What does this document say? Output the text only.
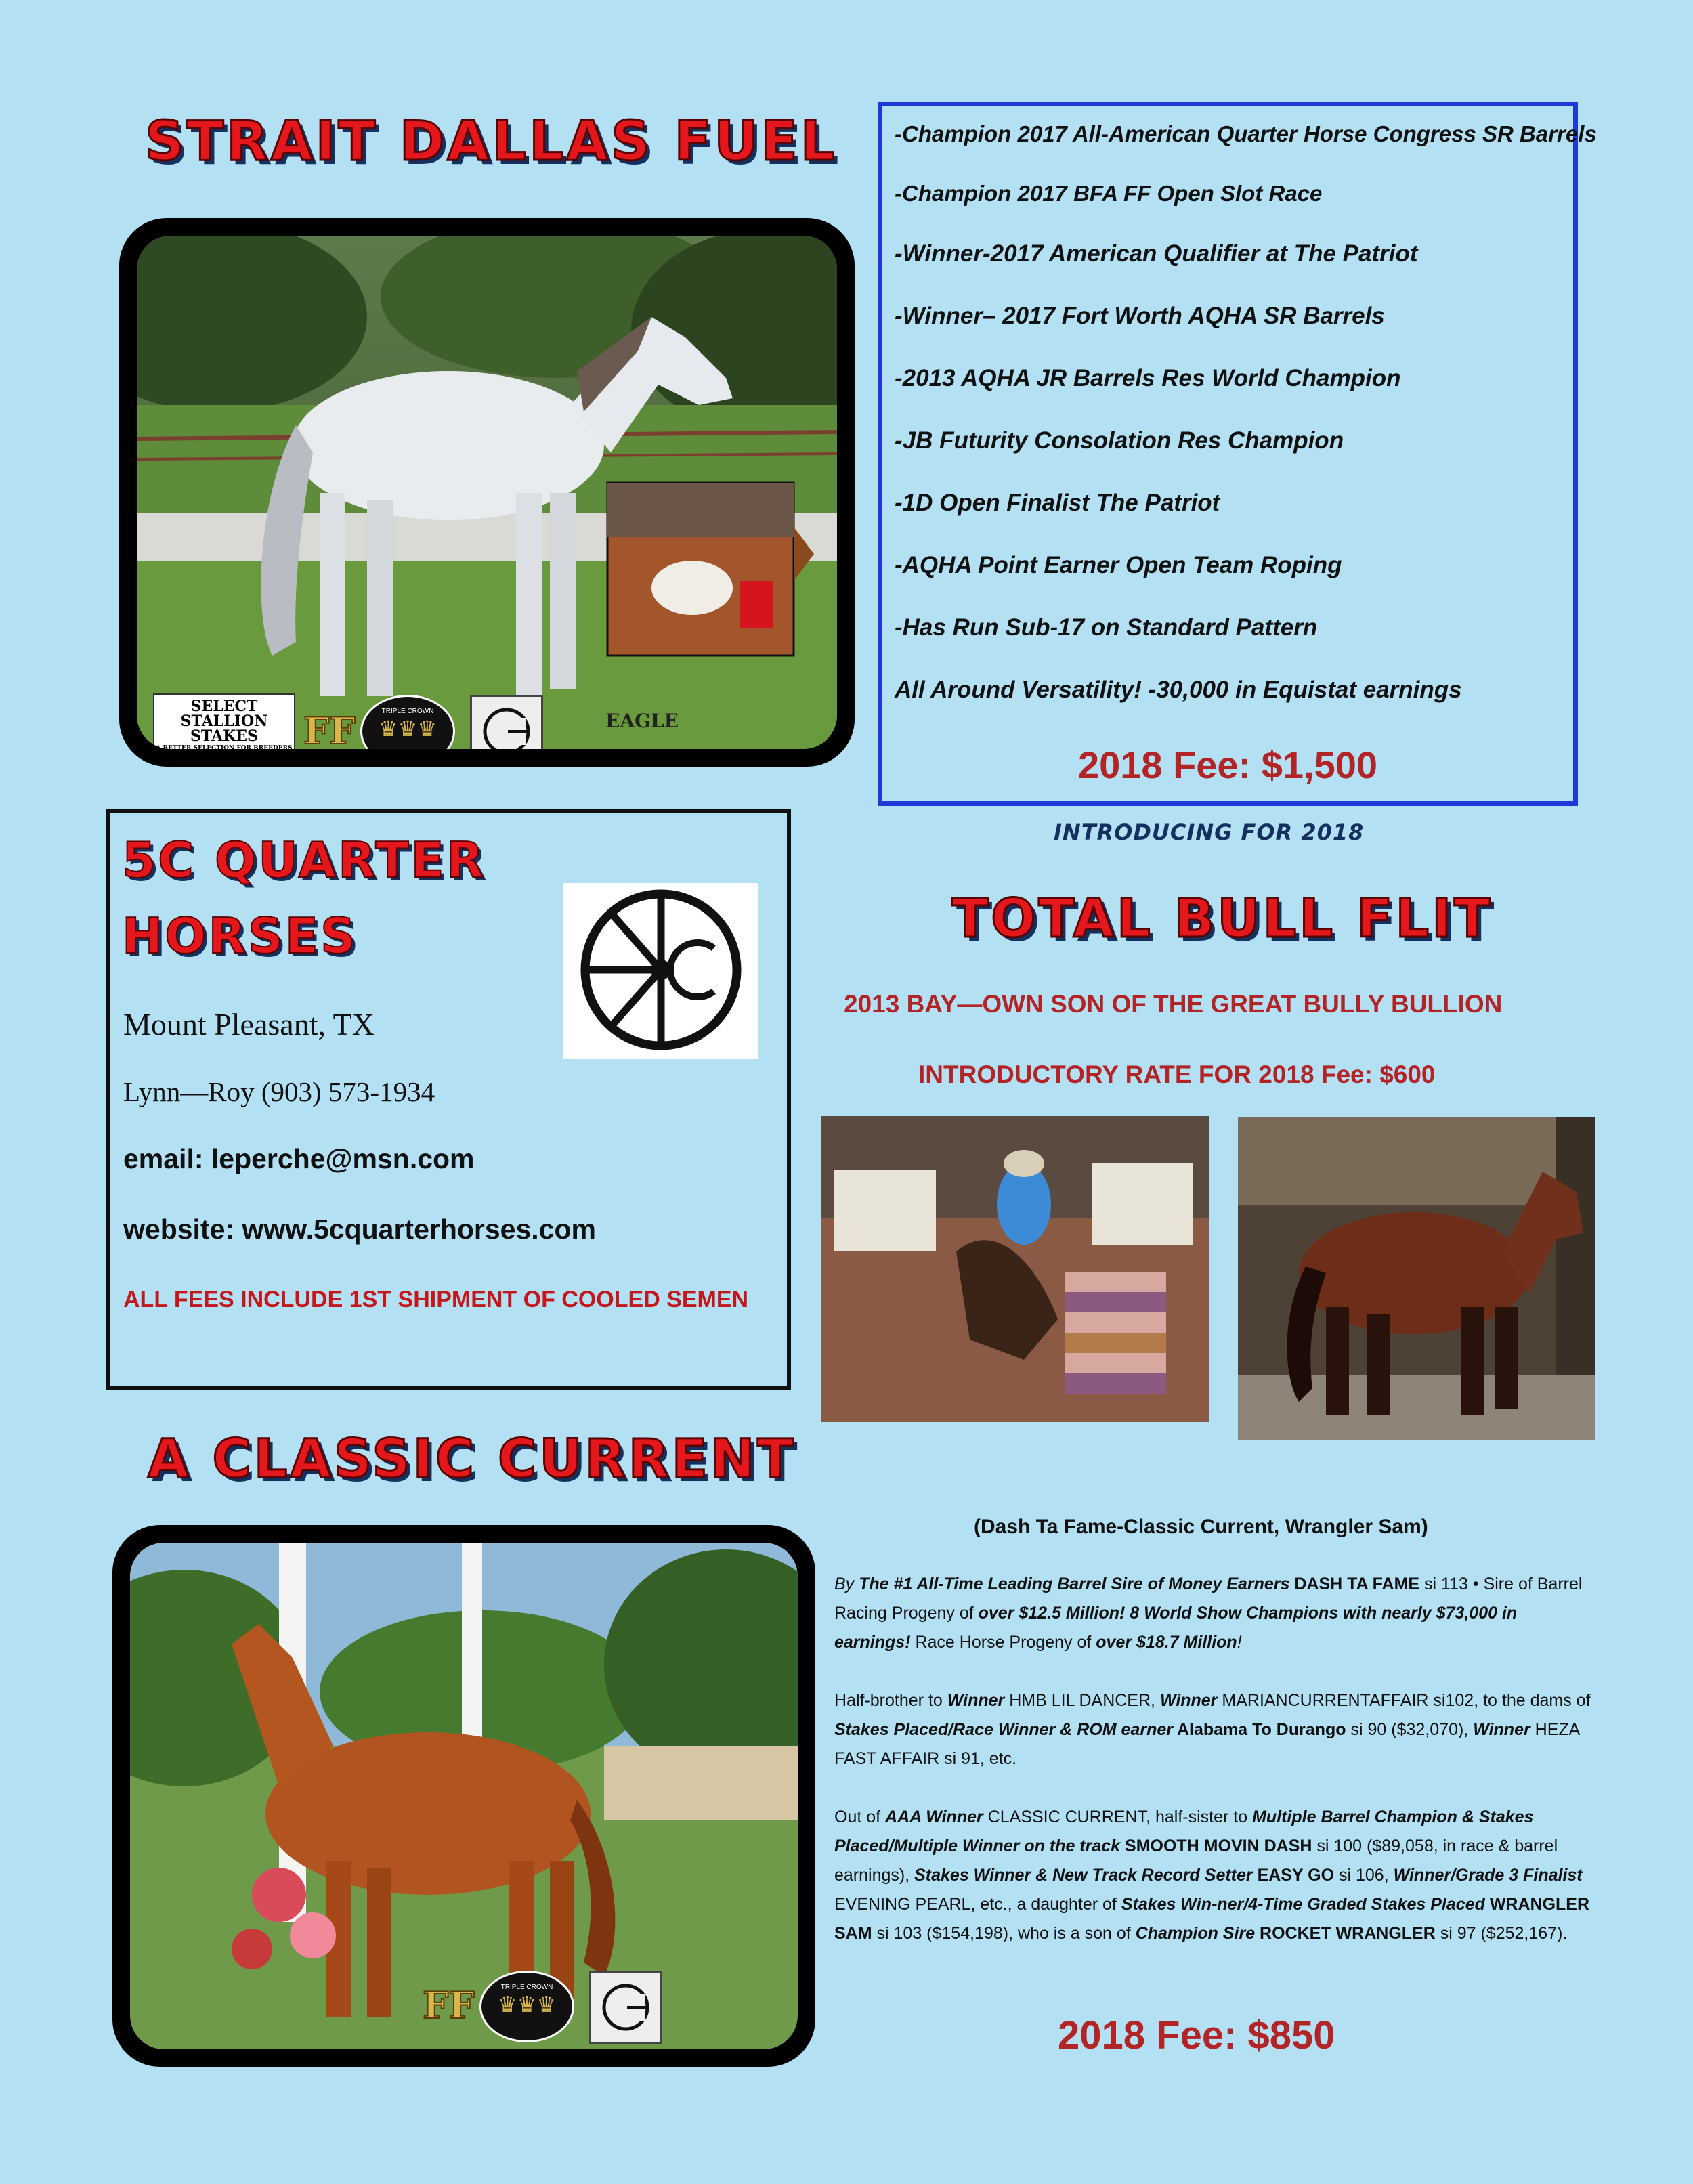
STRAIT DALLAS FUEL
SELECT
STALLION
STAKES
A BETTER SELECTION FOR BREEDERS FF	TRIPLE CROWN
♛♛♛	EAGLE
-Champion 2017 All-American Quarter Horse Congress SR Barrels
-Champion 2017 BFA FF Open Slot Race
-Winner-2017 American Qualifier at The Patriot
-Winner– 2017 Fort Worth AQHA SR Barrels
-2013 AQHA JR Barrels Res World Champion
-JB Futurity Consolation Res Champion
-1D Open Finalist The Patriot
-AQHA Point Earner Open Team Roping
-Has Run Sub-17 on Standard Pattern
All Around Versatility! -30,000 in Equistat earnings
2018 Fee: $1,500
5C QUARTER
HORSES
Mount Pleasant, TX
Lynn—Roy (903) 573-1934
email: leperche@msn.com
website: www.5cquarterhorses.com
ALL FEES INCLUDE 1ST SHIPMENT OF COOLED SEMEN
INTRODUCING FOR 2018
TOTAL BULL FLIT
2013 BAY—OWN SON OF THE GREAT BULLY BULLION
INTRODUCTORY RATE FOR 2018 Fee: $600
A CLASSIC CURRENT
FF	TRIPLE CROWN
♛♛♛
(Dash Ta Fame-Classic Current, Wrangler Sam)

By The #1 All-Time Leading Barrel Sire of Money Earners DASH TA FAME si 113 • Sire of Barrel Racing Progeny of over $12.5 Million! 8 World Show Champions with nearly $73,000 in earnings! Race Horse Progeny of over $18.7 Million!

Half-brother to Winner HMB LIL DANCER, Winner MARIANCURRENTAFFAIR si102, to the dams of Stakes Placed/Race Winner & ROM earner Alabama To Durango si 90 ($32,070), Winner HEZA FAST AFFAIR si 91, etc.

Out of AAA Winner CLASSIC CURRENT, half-sister to Multiple Barrel Champion & Stakes Placed/Multiple Winner on the track SMOOTH MOVIN DASH si 100 ($89,058, in race & barrel earnings), Stakes Winner & New Track Record Setter EASY GO si 106, Winner/Grade 3 Finalist EVENING PEARL, etc., a daughter of Stakes Win-ner/4-Time Graded Stakes Placed WRANGLER SAM si 103 ($154,198), who is a son of Champion Sire ROCKET WRANGLER si 97 ($252,167).

2018 Fee: $850
